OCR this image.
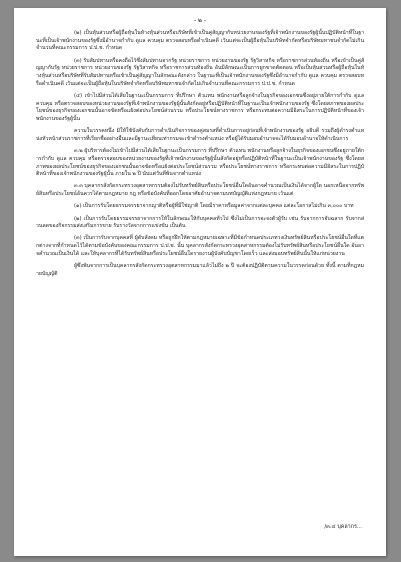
- ๒ -

(๒) เป็นหุ้นส่วนหรือผู้ถือหุ้นในห้างหุ้นส่วนหรือบริษัทที่เข้าเป็นคู่สัญญากับหน่วยงานของรัฐที่เจ้าพนักงานของรัฐผู้นั้นปฏิบัติหน้าที่ในฐานะที่เป็นเจ้าพนักงานของรัฐซึ่งมีอำนาจกำกับ ดูแล ควบคุม ตรวจสอบหรือดำเนินคดี เว้นแต่จะเป็นผู้ถือหุ้นในบริษัทจำกัดหรือบริษัทมหาชนจำกัดไม่เกินจำนวนที่คณะกรรมการ ป.ป.ช. กำหนด

(๓) รับสัมปทานหรือคงถือไว้ซึ่งสัมปทานจากรัฐ หน่วยราชการ หน่วยงานของรัฐ รัฐวิสาหกิจ หรือราชการส่วนท้องถิ่น หรือเข้าเป็นคู่สัญญากับรัฐ หน่วยราชการ หน่วยงานของรัฐ รัฐวิสาหกิจ หรือราชการส่วนท้องถิ่น อันมีลักษณะเป็นการผูกขาดตัดตอน หรือเป็นหุ้นส่วนหรือผู้ถือหุ้นในห้างหุ้นส่วนหรือบริษัทที่รับสัมปทานหรือเข้าเป็นคู่สัญญาในลักษณะดังกล่าว ในฐานะที่เป็นเจ้าพนักงานของรัฐซึ่งมีอำนาจกำกับ ดูแล ควบคุม ตรวจสอบหรือดำเนินคดี เว้นแต่จะเป็นผู้ถือหุ้นในบริษัทจำกัดหรือบริษัทมหาชนจำกัดไม่เกินจำนวนที่คณะกรรมการ ป.ป.ช. กำหนด

(๔) เข้าไปมีส่วนได้เสียในฐานะเป็นกรรมการ ที่ปรึกษา ตัวแทน พนักงานหรือลูกจ้างในธุรกิจของเอกชนซึ่งอยู่ภายใต้การกำกับ ดูแล ควบคุม หรือตรวจสอบของหน่วยงานของรัฐที่เจ้าพนักงานของรัฐผู้นั้นสังกัดอยู่หรือปฏิบัติหน้าที่ในฐานะเป็นเจ้าพนักงานของรัฐ ซึ่งโดยสภาพของผลประโยชน์ของธุรกิจของเอกชนนั้นอาจขัดหรือแย้งต่อประโยชน์ส่วนรวม หรือประโยชน์ทางราชการ หรือกระทบต่อความมีอิสระในการปฏิบัติหน้าที่ของเจ้าพนักงานของรัฐผู้นั้น

ความในวรรคหนึ่ง มิให้ใช้บังคับกับการดำเนินกิจการของคู่สมรสที่ดำเนินการอยู่ก่อนที่เจ้าพนักงานของรัฐ อธิบดี รวมถึงผู้ดำรงตำแหน่งหัวหน้าส่วนราชการที่เรียกชื่ออย่างอื่นและมีฐานะเทียบเท่ากรมจะเข้าดำรงตำแหน่ง หรือผู้ได้รับมอบอำนาจจะได้รับมอบอำนาจให้ดำเนินการ

๓.๒ ผู้บริหารต้องไม่เข้าไปมีส่วนได้เสียในฐานะเป็นกรรมการ ที่ปรึกษา ตัวแทน พนักงานหรือลูกจ้างในธุรกิจของเอกชนซึ่งอยู่ภายใต้การกำกับ ดูแล ควบคุม หรือตรวจสอบของหน่วยงานของรัฐที่เจ้าพนักงานของรัฐผู้นั้นสังกัดอยู่หรือปฏิบัติหน้าที่ในฐานะเป็นเจ้าพนักงานของรัฐ ซึ่งโดยสภาพของผลประโยชน์ของธุรกิจของเอกชนนั้นอาจขัดหรือแย้งต่อประโยชน์ส่วนรวม หรือประโยชน์ทางราชการ หรือกระทบต่อความมีอิสระในการปฏิบัติหน้าที่ของเจ้าพนักงานของรัฐผู้นั้น ภายใน ๒ ปี นับแต่วันที่พ้นจากตำแหน่ง

๓.๓ บุคลากรสังกัดกระทรวงอุตสาหกรรมต้องไม่รับทรัพย์สินหรือประโยชน์อื่นใดอันอาจคำนวณเป็นเงินได้จากผู้ใด นอกเหนือจากทรัพย์สินหรือประโยชน์อันควรได้ตามกฎหมาย กฎ หรือข้อบังคับที่ออกโดยอาศัยอำนาจตามบทบัญญัติแห่งกฎหมาย เว้นแต่

(๑) เป็นการรับโดยธรรมจรรยาจากญาติหรือผู้ที่มีใช่ญาติ โดยมีราคาหรือมูลค่าจากแต่ละบุคคล แต่ละโอกาสไม่เกิน ๓,๐๐๐ บาท

(๒) เป็นการรับโดยธรรมจรรยาจากการให้ในลักษณะให้กับบุคคลทั่วไป ซึ่งไม่เป็นการจะจงตัวผู้รับ เช่น รับจากการจับฉลาก รับจากส่วนลดของกิจกรรมส่งเสริมการขาย รับรางวัลจากการแข่งขัน เป็นต้น

(๓) เป็นการรับจากบุคคลที่ ผู้ดับสังคม หรือถูกฝึกให้ตามกฎหมายเฉพาะที่มีข้อกำหนดประเภทวงเงินทรัพย์สินหรือประโยชน์อื่นใดที่แตกต่างจากที่กำหนดไว้ได้ตามข้อบังคับของคณะกรรมการ ป.ป.ช. นั้น บุคลากรสังกัดกระทรวงอุตสาหกรรมต้องไม่รับทรัพย์สินหรือประโยชน์อื่นใด อันอาจคำนวณเป็นเงินได้ และให้บุคลากรที่ได้รับทรัพย์สินหรือประโยชน์อื่นใดรายงานผู้บังคับบัญชาโดยเร็ว และส่งมอบทรัพย์สินนั้นให้แก่หน่วยงาน

ผู้ซึ่งพ้นจากการเป็นบุคลากรสังกัดกระทรวงอุตสาหกรรมมาแล้วไม่ถึง ๒ ปี จะต้องปฏิบัติตามความในวรรคก่อนด้วย ทั้งนี้ ตามที่กฎหมายบัญญัติ

/๓.๔ บุคลากร...
